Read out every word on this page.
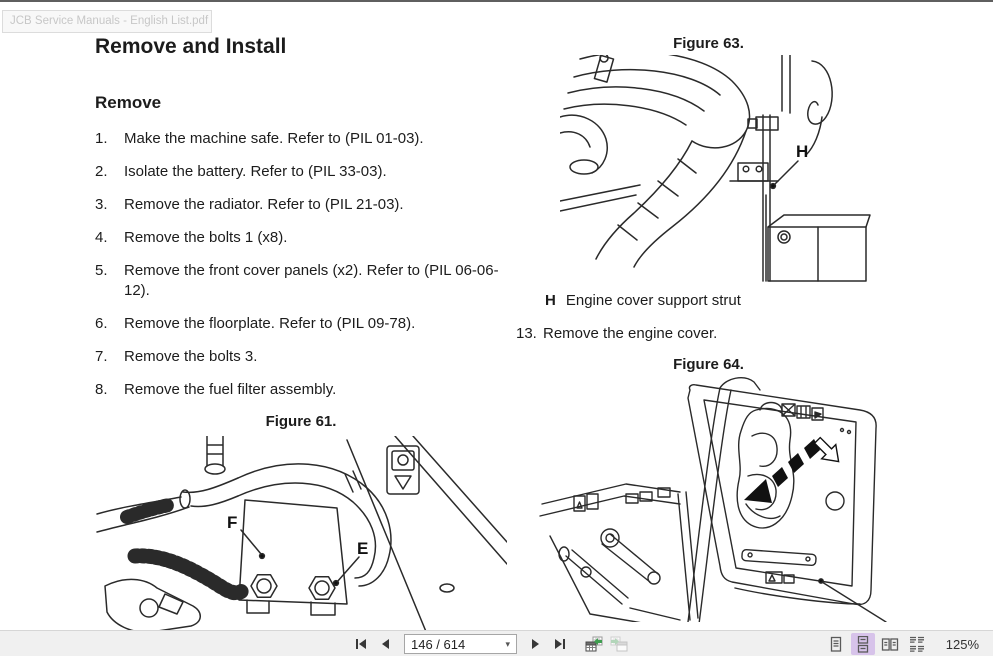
JCB Service Manuals - English List.pdf
Remove and Install
Remove
1.	Make the machine safe. Refer to (PIL 01-03).
2.	Isolate the battery. Refer to (PIL 33-03).
3.	Remove the radiator. Refer to (PIL 21-03).
4.	Remove the bolts 1 (x8).
5.	Remove the front cover panels (x2). Refer to (PIL 06-06-12).
6.	Remove the floorplate. Refer to (PIL 09-78).
7.	Remove the bolts 3.
8.	Remove the fuel filter assembly.
Figure 61.
F
E
Figure 63.
H
H Engine cover support strut
13. Remove the engine cover.
Figure 64.
146 / 614	▾	125%
